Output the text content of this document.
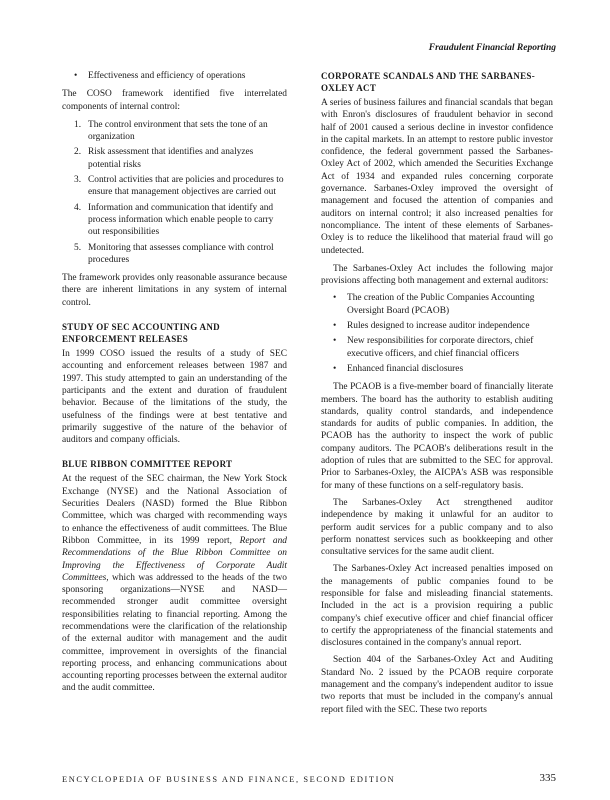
Fraudulent Financial Reporting
• Effectiveness and efficiency of operations

The COSO framework identified five interrelated components of internal control:

1. The control environment that sets the tone of an organization
2. Risk assessment that identifies and analyzes potential risks
3. Control activities that are policies and procedures to ensure that management objectives are carried out
4. Information and communication that identify and process information which enable people to carry out responsibilities
5. Monitoring that assesses compliance with control procedures

The framework provides only reasonable assurance because there are inherent limitations in any system of internal control.

STUDY OF SEC ACCOUNTING AND ENFORCEMENT RELEASES

In 1999 COSO issued the results of a study of SEC accounting and enforcement releases between 1987 and 1997. This study attempted to gain an understanding of the participants and the extent and duration of fraudulent behavior. Because of the limitations of the study, the usefulness of the findings were at best tentative and primarily suggestive of the nature of the behavior of auditors and company officials.

BLUE RIBBON COMMITTEE REPORT

At the request of the SEC chairman, the New York Stock Exchange (NYSE) and the National Association of Securities Dealers (NASD) formed the Blue Ribbon Committee, which was charged with recommending ways to enhance the effectiveness of audit committees. The Blue Ribbon Committee, in its 1999 report, Report and Recommendations of the Blue Ribbon Committee on Improving the Effectiveness of Corporate Audit Committees, which was addressed to the heads of the two sponsoring organizations—NYSE and NASD—recommended stronger audit committee oversight responsibilities relating to financial reporting. Among the recommendations were the clarification of the relationship of the external auditor with management and the audit committee, improvement in oversights of the financial reporting process, and enhancing communications about accounting reporting processes between the external auditor and the audit committee.

CORPORATE SCANDALS AND THE SARBANES-OXLEY ACT

A series of business failures and financial scandals that began with Enron's disclosures of fraudulent behavior in second half of 2001 caused a serious decline in investor confidence in the capital markets. In an attempt to restore public investor confidence, the federal government passed the Sarbanes-Oxley Act of 2002, which amended the Securities Exchange Act of 1934 and expanded rules concerning corporate governance. Sarbanes-Oxley improved the oversight of management and focused the attention of companies and auditors on internal control; it also increased penalties for noncompliance. The intent of these elements of Sarbanes-Oxley is to reduce the likelihood that material fraud will go undetected.

The Sarbanes-Oxley Act includes the following major provisions affecting both management and external auditors:

• The creation of the Public Companies Accounting Oversight Board (PCAOB)
• Rules designed to increase auditor independence
• New responsibilities for corporate directors, chief executive officers, and chief financial officers
• Enhanced financial disclosures

The PCAOB is a five-member board of financially literate members. The board has the authority to establish auditing standards, quality control standards, and independence standards for audits of public companies. In addition, the PCAOB has the authority to inspect the work of public company auditors. The PCAOB's deliberations result in the adoption of rules that are submitted to the SEC for approval. Prior to Sarbanes-Oxley, the AICPA's ASB was responsible for many of these functions on a self-regulatory basis.

The Sarbanes-Oxley Act strengthened auditor independence by making it unlawful for an auditor to perform audit services for a public company and to also perform nonattest services such as bookkeeping and other consultative services for the same audit client.

The Sarbanes-Oxley Act increased penalties imposed on the managements of public companies found to be responsible for false and misleading financial statements. Included in the act is a provision requiring a public company's chief executive officer and chief financial officer to certify the appropriateness of the financial statements and disclosures contained in the company's annual report.

Section 404 of the Sarbanes-Oxley Act and Auditing Standard No. 2 issued by the PCAOB require corporate management and the company's independent auditor to issue two reports that must be included in the company's annual report filed with the SEC. These two reports

ENCYCLOPEDIA OF BUSINESS AND FINANCE, SECOND EDITION	335
